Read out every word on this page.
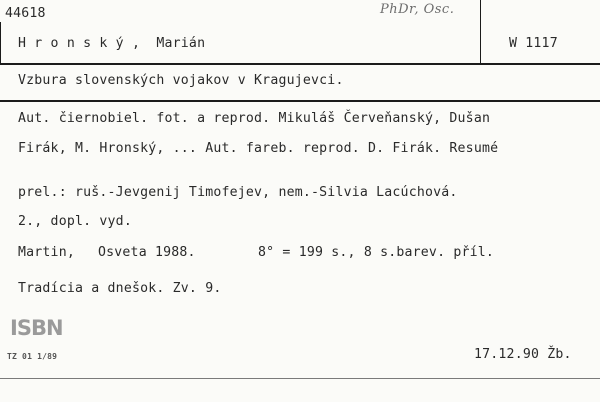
44618	PhDr, Osc.
H r o n s k ý ,  Marián	W 1117
Vzbura slovenských vojakov v Kragujevci.
Aut. čiernobiel. fot. a reprod. Mikuláš Červeňanský, Dušan
Firák, M. Hronský, ... Aut. fareb. reprod. D. Firák. Resumé
prel.: ruš.-Jevgenij Timofejev, nem.-Silvia Lacúchová.
2., dopl. vyd.
Martin, Osveta 1988.	8° = 199 s., 8 s.barev. příl.
Tradícia a dnešok. Zv. 9.
ISBN
TZ 01 1/89	17.12.90 Žb.
